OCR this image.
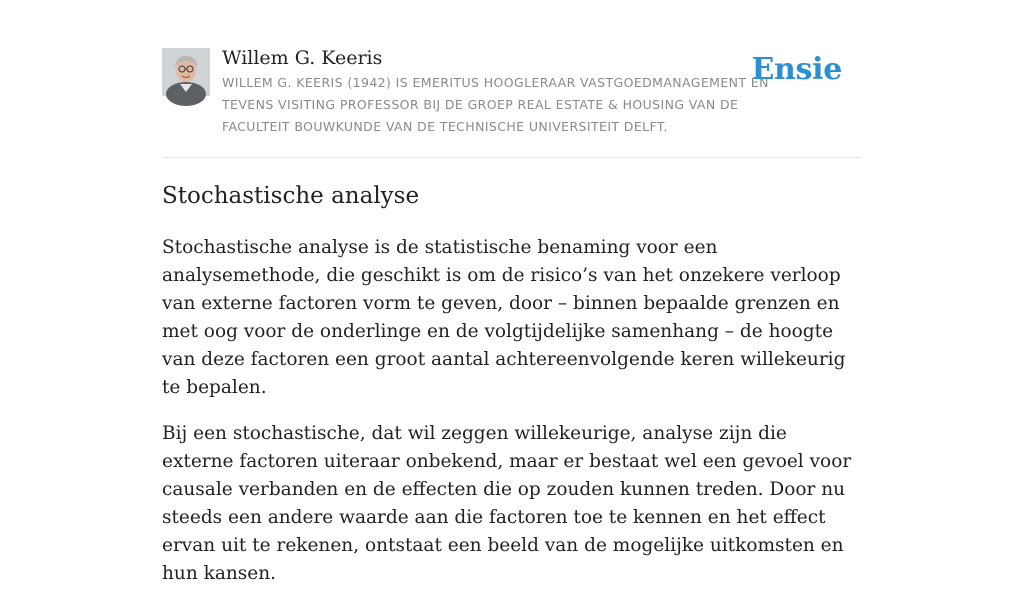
Willem G. Keeris
WILLEM G. KEERIS (1942) IS EMERITUS HOOGLERAAR VASTGOEDMANAGEMENT EN TEVENS VISITING PROFESSOR BIJ DE GROEP REAL ESTATE & HOUSING VAN DE FACULTEIT BOUWKUNDE VAN DE TECHNISCHE UNIVERSITEIT DELFT.
Ensie
Stochastische analyse

Stochastische analyse is de statistische benaming voor een analysemethode, die geschikt is om de risico’s van het onzekere verloop van externe factoren vorm te geven, door – binnen bepaalde grenzen en met oog voor de onderlinge en de volgtijdelijke samenhang – de hoogte van deze factoren een groot aantal achtereenvolgende keren willekeurig te bepalen.

Bij een stochastische, dat wil zeggen willekeurige, analyse zijn die externe factoren uiteraar onbekend, maar er bestaat wel een gevoel voor causale verbanden en de effecten die op zouden kunnen treden. Door nu steeds een andere waarde aan die factoren toe te kennen en het effect ervan uit te rekenen, ontstaat een beeld van de mogelijke uitkomsten en hun kansen.
